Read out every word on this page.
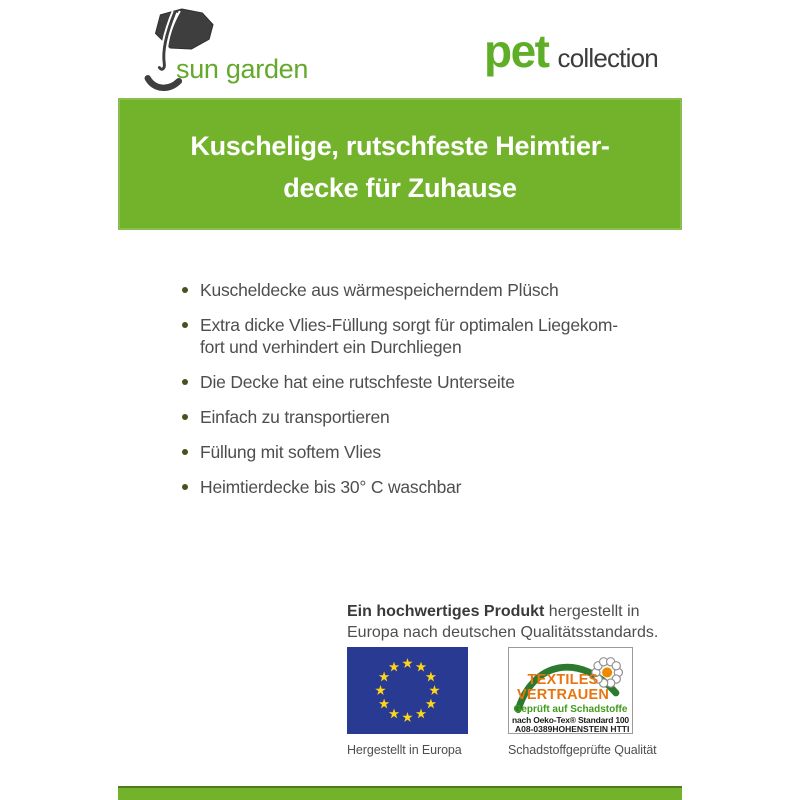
sun garden	pet collection
Kuschelige, rutschfeste Heimtier-
decke für Zuhause
Kuscheldecke aus wärmespeicherndem Plüsch
Extra dicke Vlies-Füllung sorgt für optimalen Liegekom-
fort und verhindert ein Durchliegen
Die Decke hat eine rutschfeste Unterseite
Einfach zu transportieren
Füllung mit softem Vlies
Heimtierdecke bis 30° C waschbar
Ein hochwertiges Produkt hergestellt in
Europa nach deutschen Qualitätsstandards.
Hergestellt in Europa
TEXTILES
VERTRAUEN
Geprüft auf Schadstoffe
nach Oeko-Tex® Standard 100
A08-0389 HOHENSTEIN HTTI
Schadstoffgeprüfte Qualität
